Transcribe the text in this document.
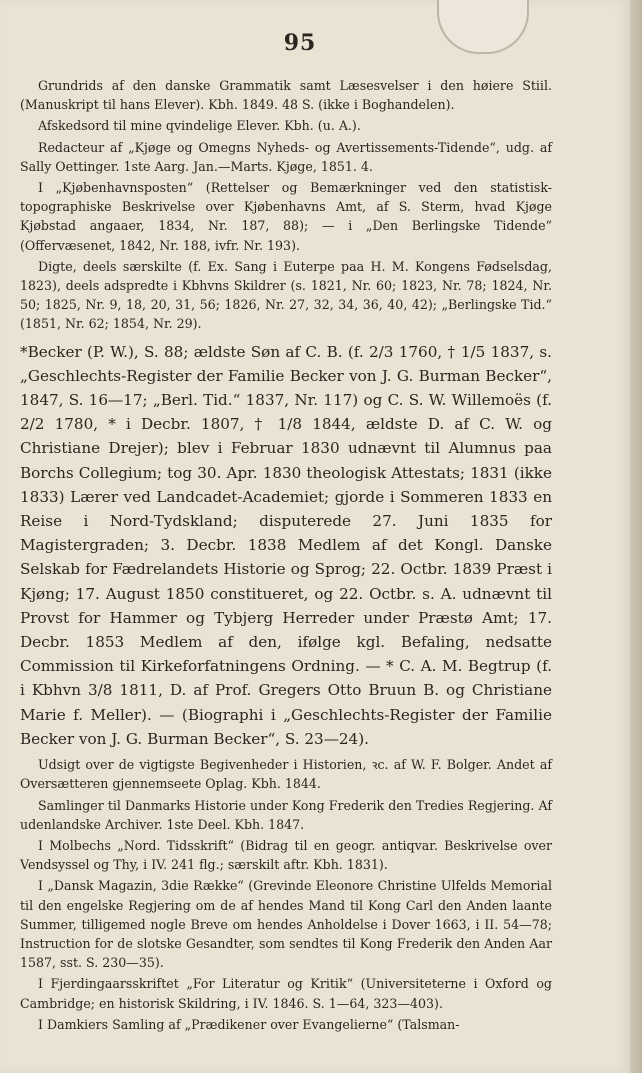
95

Grundrids af den danske Grammatik samt Læsesvelser i den høiere Stiil. (Manuskript til hans Elever). Kbh. 1849. 48 S. (ikke i Boghandelen).

Afskedsord til mine qvindelige Elever. Kbh. (u. A.).

Redacteur af „Kjøge og Omegns Nyheds- og Avertissements-Tidende“, udg. af Sally Oettinger. 1ste Aarg. Jan.—Marts. Kjøge, 1851. 4.

I „Kjøbenhavnsposten“ (Rettelser og Bemærkninger ved den statistisk-topographiske Beskrivelse over Kjøbenhavns Amt, af S. Sterm, hvad Kjøge Kjøbstad angaaer, 1834, Nr. 187, 88); — i „Den Berlingske Tidende“ (Offervæsenet, 1842, Nr. 188, ivfr. Nr. 193).

Digte, deels særskilte (f. Ex. Sang i Euterpe paa H. M. Kongens Fødselsdag, 1823), deels adspredte i Kbhvns Skildrer (s. 1821, Nr. 60; 1823, Nr. 78; 1824, Nr. 50; 1825, Nr. 9, 18, 20, 31, 56; 1826, Nr. 27, 32, 34, 36, 40, 42); „Berlingske Tid.“ (1851, Nr. 62; 1854, Nr. 29).

*Becker (P. W.), S. 88; ældste Søn af C. B. (f. 2/3 1760, † 1/5 1837, s. „Geschlechts-Register der Familie Becker von J. G. Burman Becker“, 1847, S. 16—17; „Berl. Tid.“ 1837, Nr. 117) og C. S. W. Willemoës (f. 2/2 1780, * i Decbr. 1807, † 1/8 1844, ældste D. af C. W. og Christiane Drejer); blev i Februar 1830 udnævnt til Alumnus paa Borchs Collegium; tog 30. Apr. 1830 theologisk Attestats; 1831 (ikke 1833) Lærer ved Landcadet-Academiet; gjorde i Sommeren 1833 en Reise i Nord-Tydskland; disputerede 27. Juni 1835 for Magistergraden; 3. Decbr. 1838 Medlem af det Kongl. Danske Selskab for Fædrelandets Historie og Sprog; 22. Octbr. 1839 Præst i Kjøng; 17. August 1850 constitueret, og 22. Octbr. s. A. udnævnt til Provst for Hammer og Tybjerg Herreder under Præstø Amt; 17. Decbr. 1853 Medlem af den, ifølge kgl. Befaling, nedsatte Commission til Kirkeforfatningens Ordning. — * C. A. M. Begtrup (f. i Kbhvn 3/8 1811, D. af Prof. Gregers Otto Bruun B. og Christiane Marie f. Meller). — (Biographi i „Geschlechts-Register der Familie Becker von J. G. Burman Becker“, S. 23—24).

Udsigt over de vigtigste Begivenheder i Historien, ꝛc. af W. F. Bolger. Andet af Oversætteren gjennemseete Oplag. Kbh. 1844.

Samlinger til Danmarks Historie under Kong Frederik den Tredies Regjering. Af udenlandske Archiver. 1ste Deel. Kbh. 1847.

I Molbechs „Nord. Tidsskrift“ (Bidrag til en geogr. antiqvar. Beskrivelse over Vendsyssel og Thy, i IV. 241 flg.; særskilt aftr. Kbh. 1831).

I „Dansk Magazin, 3die Række“ (Grevinde Eleonore Christine Ulfelds Memorial til den engelske Regjering om de af hendes Mand til Kong Carl den Anden laante Summer, tilligemed nogle Breve om hendes Anholdelse i Dover 1663, i II. 54—78; Instruction for de slotske Gesandter, som sendtes til Kong Frederik den Anden Aar 1587, sst. S. 230—35).

I Fjerdingaarsskriftet „For Literatur og Kritik“ (Universiteterne i Oxford og Cambridge; en historisk Skildring, i IV. 1846. S. 1—64, 323—403).

I Damkiers Samling af „Prædikener over Evangelierne“ (Talsman-
